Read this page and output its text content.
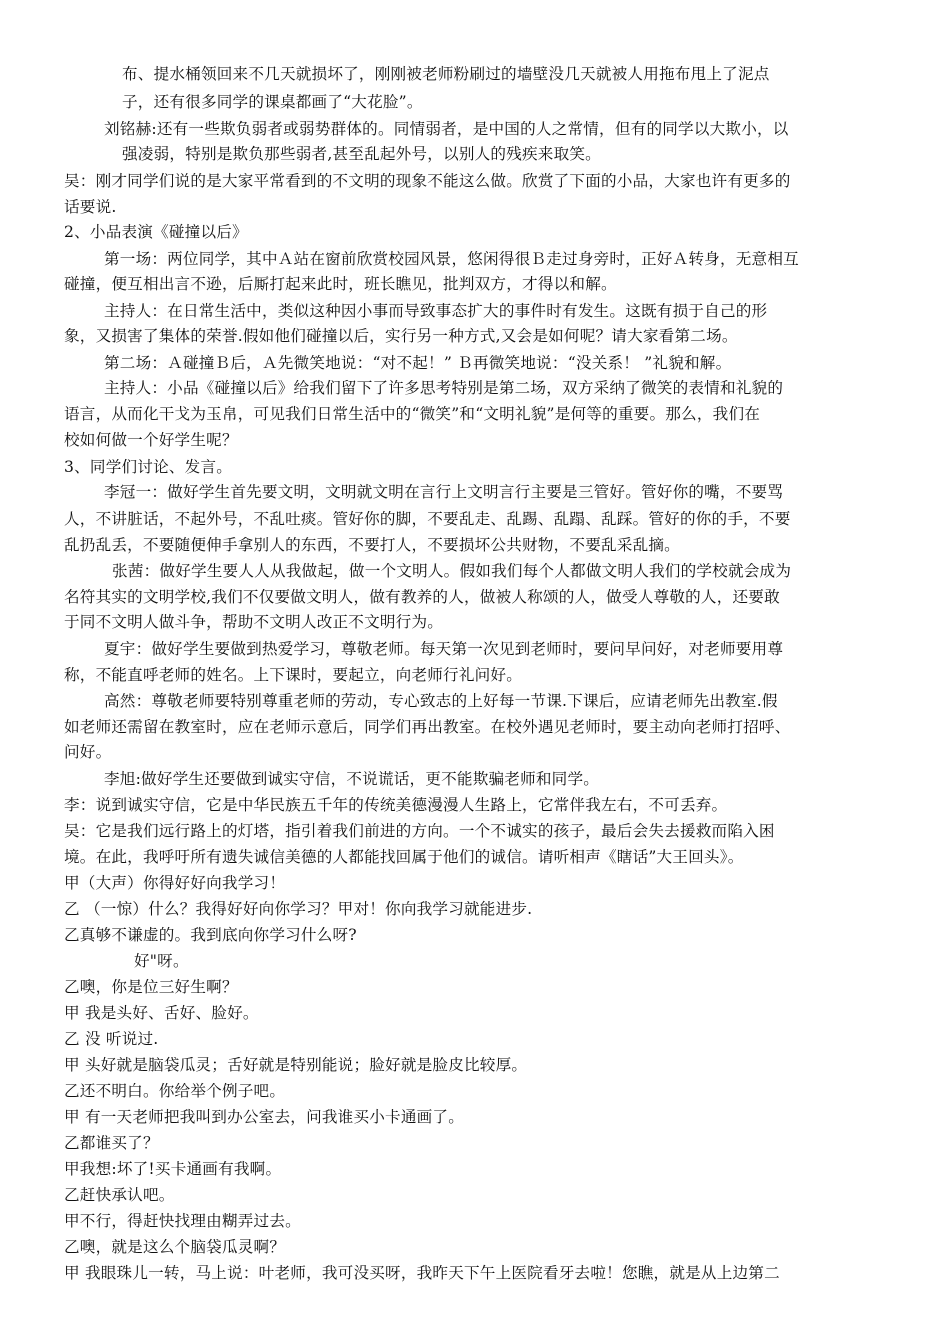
布、提水桶领回来不几天就损坏了，刚刚被老师粉刷过的墙壁没几天就被人用拖布甩上了泥点
子，还有很多同学的课桌都画了“大花脸”。
刘铭赫:还有一些欺负弱者或弱势群体的。同情弱者，是中国的人之常情，但有的同学以大欺小，以
强凌弱，特别是欺负那些弱者,甚至乱起外号，以别人的残疾来取笑。
吴：刚才同学们说的是大家平常看到的不文明的现象不能这么做。欣赏了下面的小品，大家也许有更多的
话要说.
2、小品表演《碰撞以后》
第一场：两位同学，其中Ａ站在窗前欣赏校园风景，悠闲得很Ｂ走过身旁时，正好Ａ转身，无意相互
碰撞，便互相出言不逊，后厮打起来此时，班长瞧见，批判双方，才得以和解。
主持人：在日常生活中，类似这种因小事而导致事态扩大的事件时有发生。这既有损于自己的形
象，又损害了集体的荣誉.假如他们碰撞以后，实行另一种方式,又会是如何呢？请大家看第二场。
第二场：Ａ碰撞Ｂ后，Ａ先微笑地说：“对不起！” Ｂ再微笑地说：“没关系！ ”礼貌和解。
主持人：小品《碰撞以后》给我们留下了许多思考特别是第二场，双方采纳了微笑的表情和礼貌的
语言，从而化干戈为玉帛，可见我们日常生活中的“微笑”和“文明礼貌”是何等的重要。那么，我们在
校如何做一个好学生呢？
3、同学们讨论、发言。
李冠一：做好学生首先要文明，文明就文明在言行上文明言行主要是三管好。管好你的嘴，不要骂
人，不讲脏话，不起外号，不乱吐痰。管好你的脚，不要乱走、乱踢、乱蹋、乱踩。管好的你的手，不要
乱扔乱丢，不要随便伸手拿别人的东西，不要打人，不要损坏公共财物，不要乱采乱摘。
张茜：做好学生要人人从我做起，做一个文明人。假如我们每个人都做文明人我们的学校就会成为
名符其实的文明学校,我们不仅要做文明人，做有教养的人，做被人称颂的人，做受人尊敬的人，还要敢
于同不文明人做斗争，帮助不文明人改正不文明行为。
夏宇：做好学生要做到热爱学习，尊敬老师。每天第一次见到老师时，要问早问好，对老师要用尊
称，不能直呼老师的姓名。上下课时，要起立，向老师行礼问好。
高然：尊敬老师要特别尊重老师的劳动，专心致志的上好每一节课.下课后，应请老师先出教室.假
如老师还需留在教室时，应在老师示意后，同学们再出教室。在校外遇见老师时，要主动向老师打招呼、
问好。
李旭:做好学生还要做到诚实守信，不说谎话，更不能欺骗老师和同学。
李：说到诚实守信，它是中华民族五千年的传统美德漫漫人生路上，它常伴我左右，不可丢弃。
吴：它是我们远行路上的灯塔，指引着我们前进的方向。一个不诚实的孩子，最后会失去援救而陷入困
境。在此，我呼吁所有遗失诚信美德的人都能找回属于他们的诚信。请听相声《瞎话”大王回头》。
甲（大声）你得好好向我学习！
乙 （一惊）什么？我得好好向你学习？甲对！你向我学习就能进步.
乙真够不谦虚的。我到底向你学习什么呀?
好"呀。
乙噢，你是位三好生啊？
甲 我是头好、舌好、脸好。
乙 没 听说过.
甲 头好就是脑袋瓜灵；舌好就是特别能说；脸好就是脸皮比较厚。
乙还不明白。你给举个例子吧。
甲 有一天老师把我叫到办公室去，问我谁买小卡通画了。
乙都谁买了？
甲我想:坏了!买卡通画有我啊。
乙赶快承认吧。
甲不行，得赶快找理由糊弄过去。
乙噢，就是这么个脑袋瓜灵啊？
甲 我眼珠儿一转，马上说：叶老师，我可没买呀，我昨天下午上医院看牙去啦！您瞧，就是从上边第二
